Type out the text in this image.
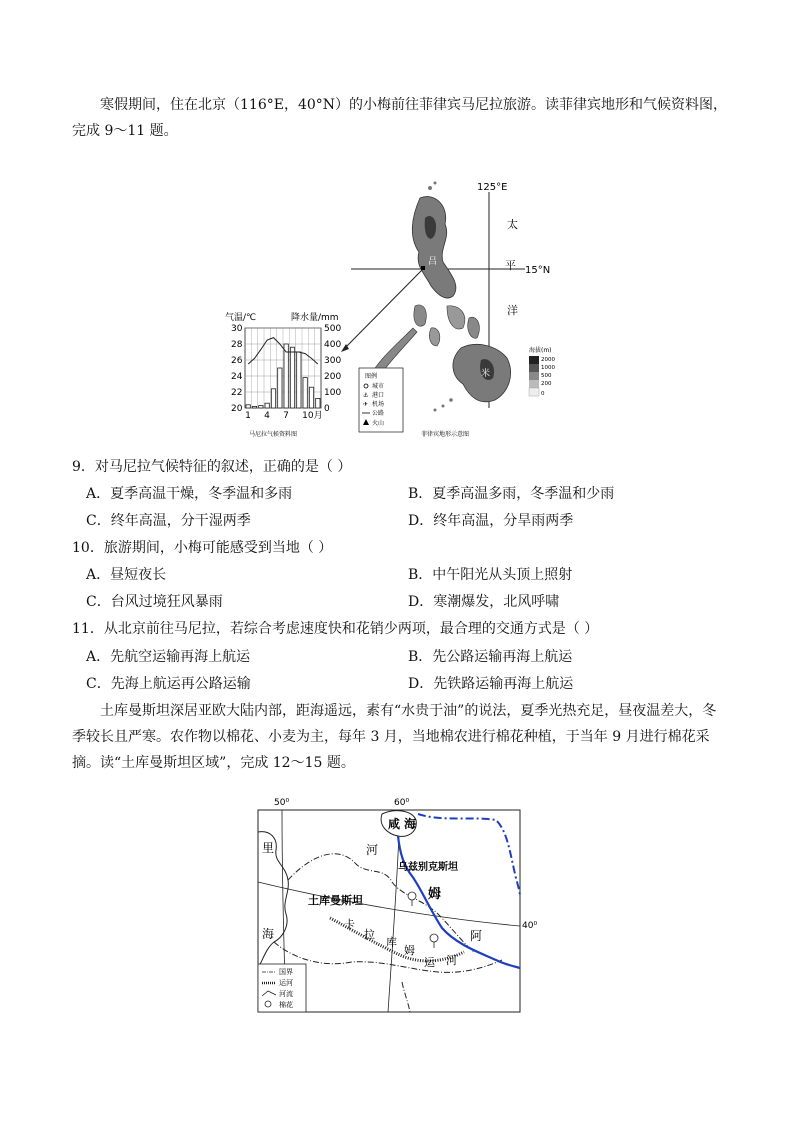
寒假期间，住在北京（116°E，40°N）的小梅前往菲律宾马尼拉旅游。读菲律宾地形和气候资料图，完成 9～11 题。
125°E
15°N
太
平
洋
吕
米
图例
城市
⚓ 港口
✈ 机场
公路
火山
海拔(m)
2000
1000
500
200
0
菲律宾地形示意图
气温/℃	降水量/mm
30
28
26
24
22
20
500
400
300
200
100
0
1 4 7 10月
马尼拉气候资料图
9．对马尼拉气候特征的叙述，正确的是（ ）
A．夏季高温干燥，冬季温和多雨	B．夏季高温多雨，冬季温和少雨
C．终年高温，分干湿两季	D．终年高温，分旱雨两季
10．旅游期间，小梅可能感受到当地（ ）
A．昼短夜长	B．中午阳光从头顶上照射
C．台风过境狂风暴雨	D．寒潮爆发，北风呼啸
11．从北京前往马尼拉，若综合考虑速度快和花销少两项，最合理的交通方式是（ ）
A．先航空运输再海上航运	B．先公路运输再海上航运
C．先海上航运再公路运输	D．先铁路运输再海上航运
土库曼斯坦深居亚欧大陆内部，距海遥远，素有“水贵于油”的说法，夏季光热充足，昼夜温差大，冬季较长且严寒。农作物以棉花、小麦为主，每年 3 月，当地棉农进行棉花种植，于当年 9 月进行棉花采摘。读“土库曼斯坦区域”，完成 12～15 题。
50⁰	60⁰
40⁰
咸 海
河
乌兹别克斯坦
姆
土库曼斯坦
里
海
卡
拉
库
姆
运 河
阿
国界
运河
河流
棉花
